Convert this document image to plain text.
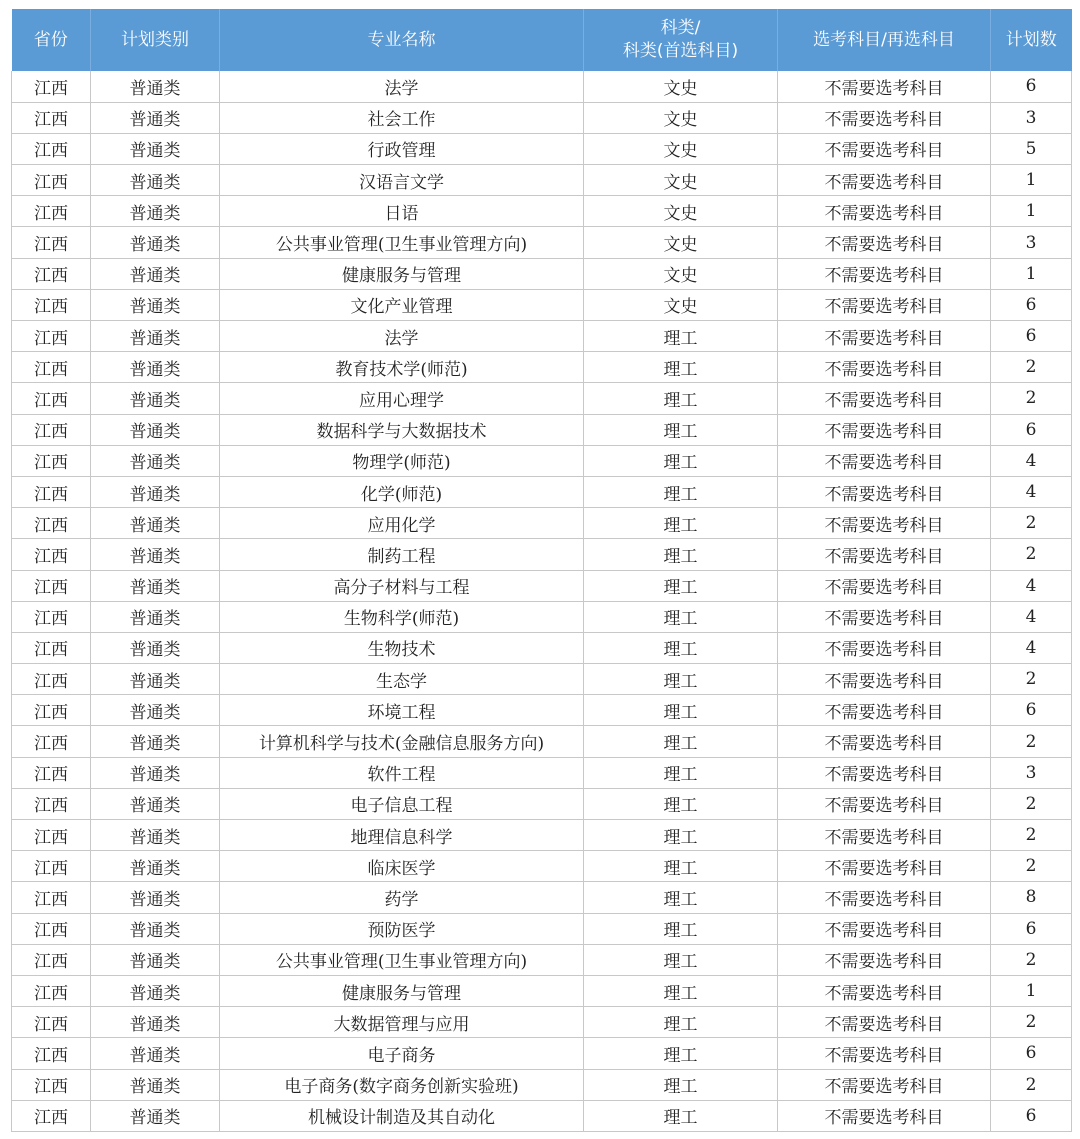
省份	计划类别	专业名称	科类/
科类(首选科目)	选考科目/再选科目	计划数
江西	普通类	法学	文史	不需要选考科目	6
江西	普通类	社会工作	文史	不需要选考科目	3
江西	普通类	行政管理	文史	不需要选考科目	5
江西	普通类	汉语言文学	文史	不需要选考科目	1
江西	普通类	日语	文史	不需要选考科目	1
江西	普通类	公共事业管理(卫生事业管理方向)	文史	不需要选考科目	3
江西	普通类	健康服务与管理	文史	不需要选考科目	1
江西	普通类	文化产业管理	文史	不需要选考科目	6
江西	普通类	法学	理工	不需要选考科目	6
江西	普通类	教育技术学(师范)	理工	不需要选考科目	2
江西	普通类	应用心理学	理工	不需要选考科目	2
江西	普通类	数据科学与大数据技术	理工	不需要选考科目	6
江西	普通类	物理学(师范)	理工	不需要选考科目	4
江西	普通类	化学(师范)	理工	不需要选考科目	4
江西	普通类	应用化学	理工	不需要选考科目	2
江西	普通类	制药工程	理工	不需要选考科目	2
江西	普通类	高分子材料与工程	理工	不需要选考科目	4
江西	普通类	生物科学(师范)	理工	不需要选考科目	4
江西	普通类	生物技术	理工	不需要选考科目	4
江西	普通类	生态学	理工	不需要选考科目	2
江西	普通类	环境工程	理工	不需要选考科目	6
江西	普通类	计算机科学与技术(金融信息服务方向)	理工	不需要选考科目	2
江西	普通类	软件工程	理工	不需要选考科目	3
江西	普通类	电子信息工程	理工	不需要选考科目	2
江西	普通类	地理信息科学	理工	不需要选考科目	2
江西	普通类	临床医学	理工	不需要选考科目	2
江西	普通类	药学	理工	不需要选考科目	8
江西	普通类	预防医学	理工	不需要选考科目	6
江西	普通类	公共事业管理(卫生事业管理方向)	理工	不需要选考科目	2
江西	普通类	健康服务与管理	理工	不需要选考科目	1
江西	普通类	大数据管理与应用	理工	不需要选考科目	2
江西	普通类	电子商务	理工	不需要选考科目	6
江西	普通类	电子商务(数字商务创新实验班)	理工	不需要选考科目	2
江西	普通类	机械设计制造及其自动化	理工	不需要选考科目	6
